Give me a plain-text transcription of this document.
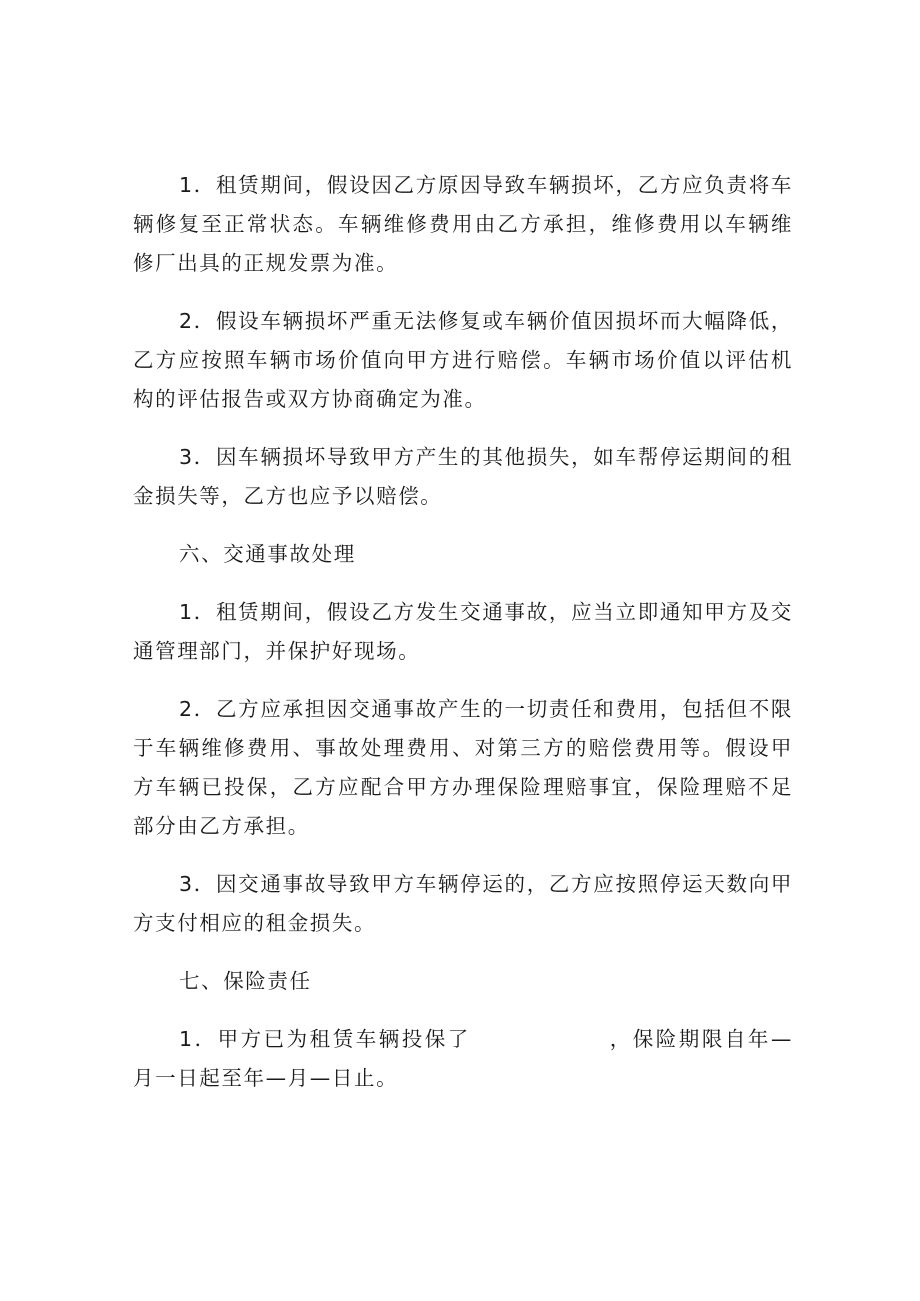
1．租赁期间，假设因乙方原因导致车辆损坏，乙方应负责将车辆修复至正常状态。车辆维修费用由乙方承担，维修费用以车辆维修厂出具的正规发票为准。

2．假设车辆损坏严重无法修复或车辆价值因损坏而大幅降低，乙方应按照车辆市场价值向甲方进行赔偿。车辆市场价值以评估机构的评估报告或双方协商确定为准。

3．因车辆损坏导致甲方产生的其他损失，如车帮停运期间的租金损失等，乙方也应予以赔偿。

六、交通事故处理

1．租赁期间，假设乙方发生交通事故，应当立即通知甲方及交通管理部门，并保护好现场。

2．乙方应承担因交通事故产生的一切责任和费用，包括但不限于车辆维修费用、事故处理费用、对第三方的赔偿费用等。假设甲方车辆已投保，乙方应配合甲方办理保险理赔事宜，保险理赔不足部分由乙方承担。

3．因交通事故导致甲方车辆停运的，乙方应按照停运天数向甲方支付相应的租金损失。

七、保险责任

1．甲方已为租赁车辆投保了	，保险期限自年—月一日起至年—月—日止。
